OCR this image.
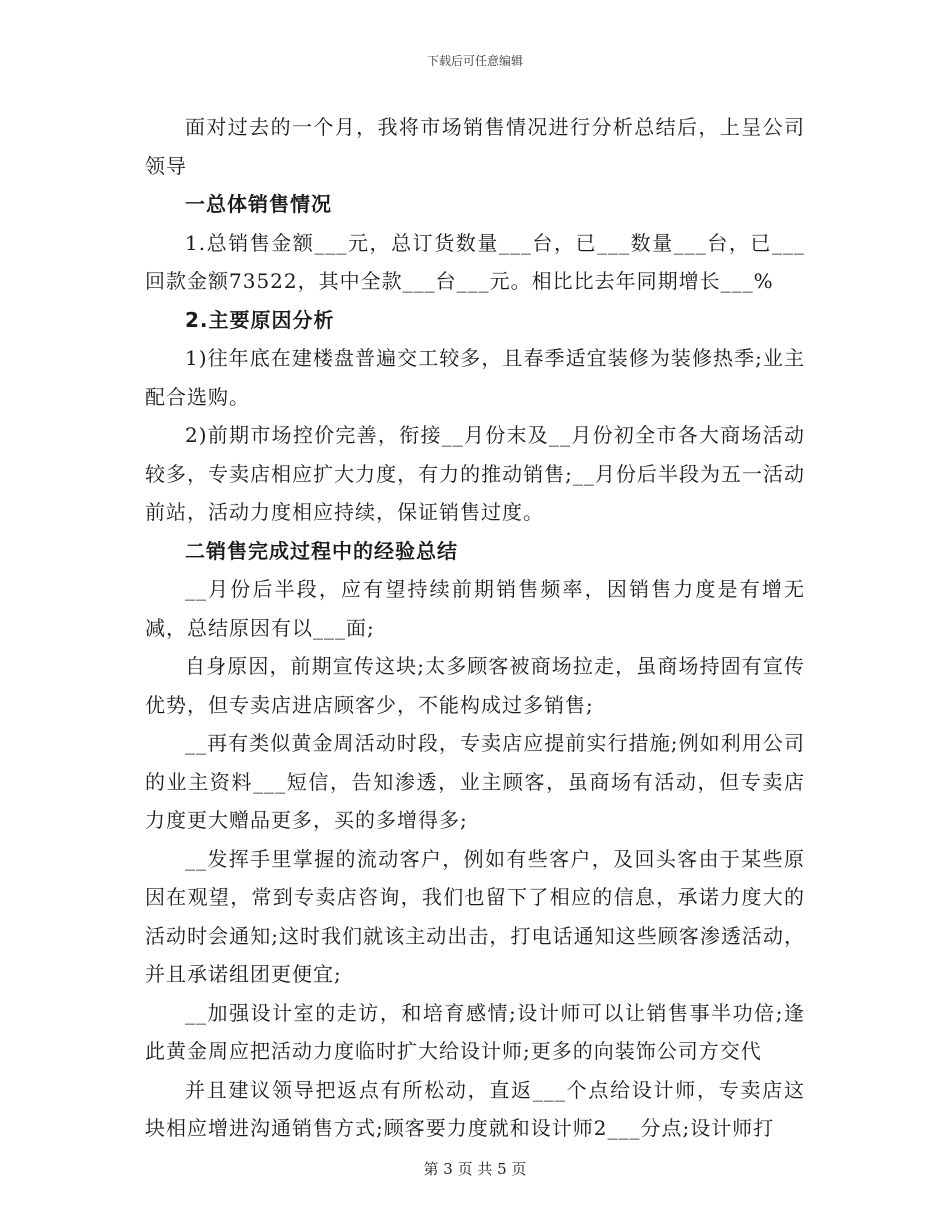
下载后可任意编辑

面对过去的一个月，我将市场销售情况进行分析总结后，上呈公司领导

一总体销售情况

1.总销售金额___元，总订货数量___台，已___数量___台，已___回款金额73522，其中全款___台___元。相比比去年同期增长___%

2.主要原因分析

1)往年底在建楼盘普遍交工较多，且春季适宜装修为装修热季;业主配合选购。

2)前期市场控价完善，衔接__月份末及__月份初全市各大商场活动较多，专卖店相应扩大力度，有力的推动销售;__月份后半段为五一活动前站，活动力度相应持续，保证销售过度。

二销售完成过程中的经验总结

__月份后半段，应有望持续前期销售频率，因销售力度是有增无减，总结原因有以___面;

自身原因，前期宣传这块;太多顾客被商场拉走，虽商场持固有宣传优势，但专卖店进店顾客少，不能构成过多销售;

__再有类似黄金周活动时段，专卖店应提前实行措施;例如利用公司的业主资料___短信，告知渗透，业主顾客，虽商场有活动，但专卖店力度更大赠品更多，买的多增得多;

__发挥手里掌握的流动客户，例如有些客户，及回头客由于某些原因在观望，常到专卖店咨询，我们也留下了相应的信息，承诺力度大的活动时会通知;这时我们就该主动出击，打电话通知这些顾客渗透活动，并且承诺组团更便宜;

__加强设计室的走访，和培育感情;设计师可以让销售事半功倍;逢此黄金周应把活动力度临时扩大给设计师;更多的向装饰公司方交代

并且建议领导把返点有所松动，直返___个点给设计师，专卖店这块相应增进沟通销售方式;顾客要力度就和设计师2___分点;设计师打

第 3 页 共 5 页
